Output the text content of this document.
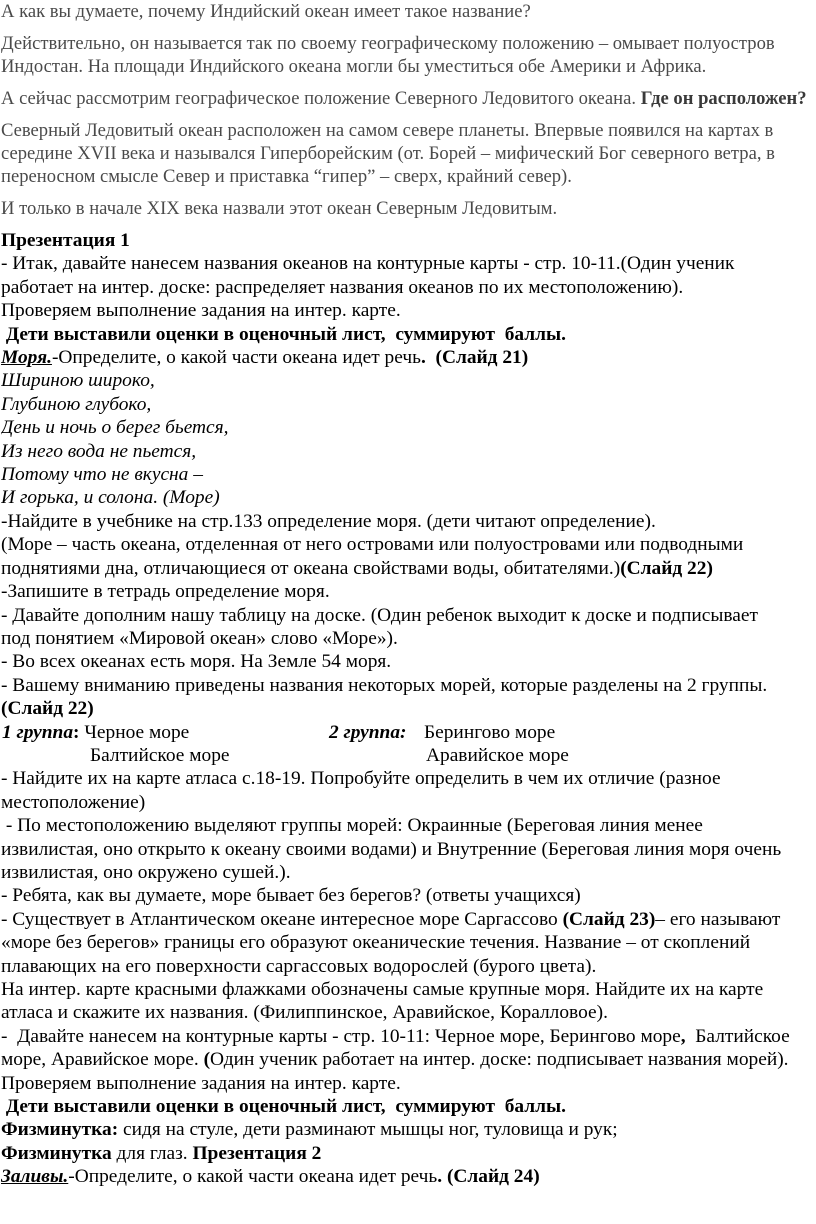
А как вы думаете, почему Индийский океан имеет такое название?

Действительно, он называется так по своему географическому положению – омывает полуостров Индостан. На площади Индийского океана могли бы уместиться обе Америки и Африка.

А сейчас рассмотрим географическое положение Северного Ледовитого океана. Где он расположен?

Северный Ледовитый океан расположен на самом севере планеты. Впервые появился на картах в середине XVII века и назывался Гиперборейским (от. Борей – мифический Бог северного ветра, в переносном смысле Север и приставка “гипер” – сверх, крайний север).

И только в начале XIX века назвали этот океан Северным Ледовитым.

Презентация 1
- Итак, давайте нанесем названия океанов на контурные карты - стр. 10-11.(Один ученик
работает на интер. доске: распределяет названия океанов по их местоположению).
Проверяем выполнение задания на интер. карте.
Дети выставили оценки в оценочный лист,  суммируют  баллы.
Моря.-Определите, о какой части океана идет речь.  (Слайд 21)
Шириною широко,
Глубиною глубоко,
День и ночь о берег бьется,
Из него вода не пьется,
Потому что не вкусна –
И горька, и солона. (Море)
-Найдите в учебнике на стр.133 определение моря. (дети читают определение).
(Море – часть океана, отделенная от него островами или полуостровами или подводными
поднятиями дна, отличающиеся от океана свойствами воды, обитателями.)(Слайд 22)
-Запишите в тетрадь определение моря.
- Давайте дополним нашу таблицу на доске. (Один ребенок выходит к доске и подписывает
под понятием «Мировой океан» слово «Море»).
- Во всех океанах есть моря. На Земле 54 моря.
- Вашему вниманию приведены названия некоторых морей, которые разделены на 2 группы.
(Слайд 22)
1 группа: Черное море	2 группа: Берингово море
Балтийское море	Аравийское море
- Найдите их на карте атласа с.18-19. Попробуйте определить в чем их отличие (разное
местоположение)
- По местоположению выделяют группы морей: Окраинные (Береговая линия менее
извилистая, оно открыто к океану своими водами) и Внутренние (Береговая линия моря очень
извилистая, оно окружено сушей.).
- Ребята, как вы думаете, море бывает без берегов? (ответы учащихся)
- Существует в Атлантическом океане интересное море Саргассово (Слайд 23)– его называют
«море без берегов» границы его образуют океанические течения. Название – от скоплений
плавающих на его поверхности саргассовых водорослей (бурого цвета).
На интер. карте красными флажками обозначены самые крупные моря. Найдите их на карте
атласа и скажите их названия. (Филиппинское, Аравийское, Коралловое).
-  Давайте нанесем на контурные карты - стр. 10-11: Черное море, Берингово море,  Балтийское
море, Аравийское море. (Один ученик работает на интер. доске: подписывает названия морей).
Проверяем выполнение задания на интер. карте.
Дети выставили оценки в оценочный лист,  суммируют  баллы.
Физминутка: сидя на стуле, дети разминают мышцы ног, туловища и рук;
Физминутка для глаз. Презентация 2
Заливы.-Определите, о какой части океана идет речь. (Слайд 24)
